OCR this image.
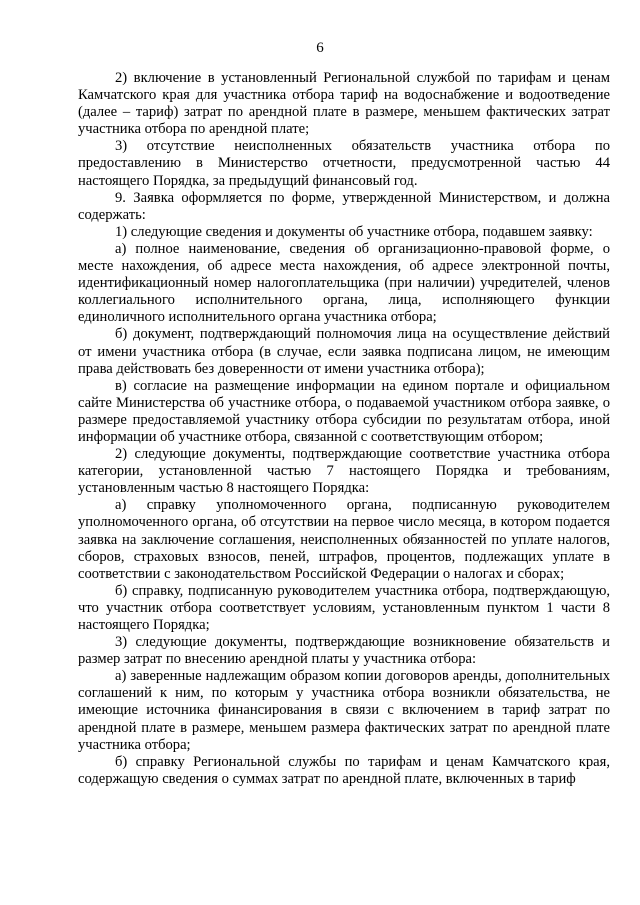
6

2) включение в установленный Региональной службой по тарифам и ценам Камчатского края для участника отбора тариф на водоснабжение и водоотведение (далее – тариф) затрат по арендной плате в размере, меньшем фактических затрат участника отбора по арендной плате;

3) отсутствие неисполненных обязательств участника отбора по предоставлению в Министерство отчетности, предусмотренной частью 44 настоящего Порядка, за предыдущий финансовый год.

9. Заявка оформляется по форме, утвержденной Министерством, и должна содержать:

1) следующие сведения и документы об участнике отбора, подавшем заявку:

а) полное наименование, сведения об организационно-правовой форме, о месте нахождения, об адресе места нахождения, об адресе электронной почты, идентификационный номер налогоплательщика (при наличии) учредителей, членов коллегиального исполнительного органа, лица, исполняющего функции единоличного исполнительного органа участника отбора;

б) документ, подтверждающий полномочия лица на осуществление действий от имени участника отбора (в случае, если заявка подписана лицом, не имеющим права действовать без доверенности от имени участника отбора);

в) согласие на размещение информации на едином портале и официальном сайте Министерства об участнике отбора, о подаваемой участником отбора заявке, о размере предоставляемой участнику отбора субсидии по результатам отбора, иной информации об участнике отбора, связанной с соответствующим отбором;

2) следующие документы, подтверждающие соответствие участника отбора категории, установленной частью 7 настоящего Порядка и требованиям, установленным частью 8 настоящего Порядка:

а) справку уполномоченного органа, подписанную руководителем уполномоченного органа, об отсутствии на первое число месяца, в котором подается заявка на заключение соглашения, неисполненных обязанностей по уплате налогов, сборов, страховых взносов, пеней, штрафов, процентов, подлежащих уплате в соответствии с законодательством Российской Федерации о налогах и сборах;

б) справку, подписанную руководителем участника отбора, подтверждающую, что участник отбора соответствует условиям, установленным пунктом 1 части 8 настоящего Порядка;

3) следующие документы, подтверждающие возникновение обязательств и размер затрат по внесению арендной платы у участника отбора:

а) заверенные надлежащим образом копии договоров аренды, дополнительных соглашений к ним, по которым у участника отбора возникли обязательства, не имеющие источника финансирования в связи с включением в тариф затрат по арендной плате в размере, меньшем размера фактических затрат по арендной плате участника отбора;

б) справку Региональной службы по тарифам и ценам Камчатского края, содержащую сведения о суммах затрат по арендной плате, включенных в тариф
